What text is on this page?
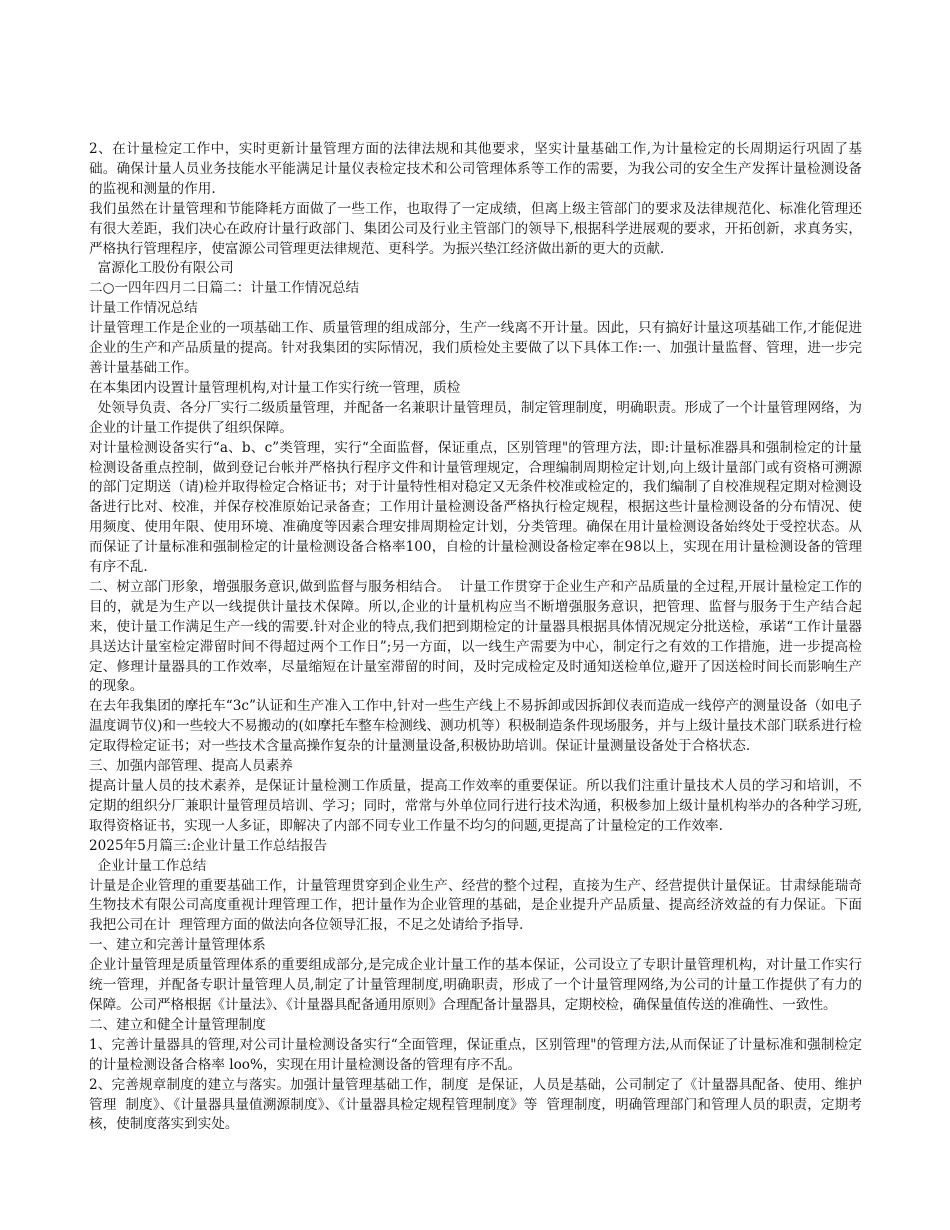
2、在计量检定工作中，实时更新计量管理方面的法律法规和其他要求，坚实计量基础工作,为计量检定的长周期运行巩固了基础。确保计量人员业务技能水平能满足计量仪表检定技术和公司管理体系等工作的需要，为我公司的安全生产发挥计量检测设备的监视和测量的作用.

我们虽然在计量管理和节能降耗方面做了一些工作，也取得了一定成绩，但离上级主管部门的要求及法律规范化、标准化管理还有很大差距，我们决心在政府计量行政部门、集团公司及行业主管部门的领导下,根据科学进展观的要求，开拓创新，求真务实，严格执行管理程序，使富源公司管理更法律规范、更科学。为振兴垫江经济做出新的更大的贡献.

富源化工股份有限公司

二○一四年四月二日篇二：计量工作情况总结

计量工作情况总结

计量管理工作是企业的一项基础工作、质量管理的组成部分，生产一线离不开计量。因此，只有搞好计量这项基础工作,才能促进企业的生产和产品质量的提高。针对我集团的实际情况，我们质检处主要做了以下具体工作:一、加强计量监督、管理，进一步完善计量基础工作。

在本集团内设置计量管理机构,对计量工作实行统一管理，质检

处领导负责、各分厂实行二级质量管理，并配备一名兼职计量管理员，制定管理制度，明确职责。形成了一个计量管理网络，为企业的计量工作提供了组织保障。

对计量检测设备实行“a、b、c”类管理，实行“全面监督，保证重点，区别管理"的管理方法，即:计量标准器具和强制检定的计量检测设备重点控制，做到登记台帐并严格执行程序文件和计量管理规定，合理编制周期检定计划,向上级计量部门或有资格可溯源的部门定期送（请)检并取得检定合格证书；对于计量特性相对稳定又无条件校准或检定的，我们编制了自校准规程定期对检测设备进行比对、校准，并保存校准原始记录备查；工作用计量检测设备严格执行检定规程，根据这些计量检测设备的分布情况、使用频度、使用年限、使用环境、准确度等因素合理安排周期检定计划，分类管理。确保在用计量检测设备始终处于受控状态。从而保证了计量标准和强制检定的计量检测设备合格率100，自检的计量检测设备检定率在98以上，实现在用计量检测设备的管理有序不乱.

二、树立部门形象，增强服务意识,做到监督与服务相结合。  计量工作贯穿于企业生产和产品质量的全过程,开展计量检定工作的目的，就是为生产以一线提供计量技术保障。所以,企业的计量机构应当不断增强服务意识，把管理、监督与服务于生产结合起来，使计量工作满足生产一线的需要.针对企业的特点,我们把到期检定的计量器具根据具体情况规定分批送检，承诺“工作计量器具送达计量室检定滞留时间不得超过两个工作日”;另一方面，以一线生产需要为中心，制定行之有效的工作措施，进一步提高检定、修理计量器具的工作效率，尽量缩短在计量室滞留的时间，及时完成检定及时通知送检单位,避开了因送检时间长而影响生产的现象。

在去年我集团的摩托车“3c”认证和生产准入工作中,针对一些生产线上不易拆卸或因拆卸仪表而造成一线停产的测量设备（如电子温度调节仪)和一些较大不易搬动的(如摩托车整车检测线、测功机等）积极制造条件现场服务，并与上级计量技术部门联系进行检定取得检定证书；对一些技术含量高操作复杂的计量测量设备,积极协助培训。保证计量测量设备处于合格状态.

三、加强内部管理、提高人员素养

提高计量人员的技术素养，是保证计量检测工作质量，提高工作效率的重要保证。所以我们注重计量技术人员的学习和培训，不定期的组织分厂兼职计量管理员培训、学习；同时，常常与外单位同行进行技术沟通，积极参加上级计量机构举办的各种学习班,取得资格证书，实现一人多证，即解决了内部不同专业工作量不均匀的问题,更提高了计量检定的工作效率.

2025年5月篇三:企业计量工作总结报告

企业计量工作总结

计量是企业管理的重要基础工作，计量管理贯穿到企业生产、经营的整个过程，直接为生产、经营提供计量保证。甘肃绿能瑞奇生物技术有限公司高度重视计理管理工作，把计量作为企业管理的基础，是企业提升产品质量、提高经济效益的有力保证。下面我把公司在计  理管理方面的做法向各位领导汇报，不足之处请给予指导.

一、建立和完善计量管理体系

企业计量管理是质量管理体系的重要组成部分,是完成企业计量工作的基本保证，公司设立了专职计量管理机构，对计量工作实行统一管理，并配备专职计量管理人员,制定了计量管理制度,明确职责，形成了一个计量管理网络,为公司的计量工作提供了有力的保障。公司严格根据《计量法》、《计量器具配备通用原则》合理配备计量器具，定期校检，确保量值传送的准确性、一致性。

二、建立和健全计量管理制度

1、完善计量器具的管理,对公司计量检测设备实行“全面管理，保证重点，区别管理"的管理方法,从而保证了计量标准和强制检定的计量检测设备合格率 loo%，实现在用计量检测设备的管理有序不乱。

2、完善规章制度的建立与落实。加强计量管理基础工作，制度  是保证，人员是基础，公司制定了《计量器具配备、使用、维护管理  制度》、《计量器具量值溯源制度》、《计量器具检定规程管理制度》等  管理制度，明确管理部门和管理人员的职责，定期考核，使制度落实到实处。
